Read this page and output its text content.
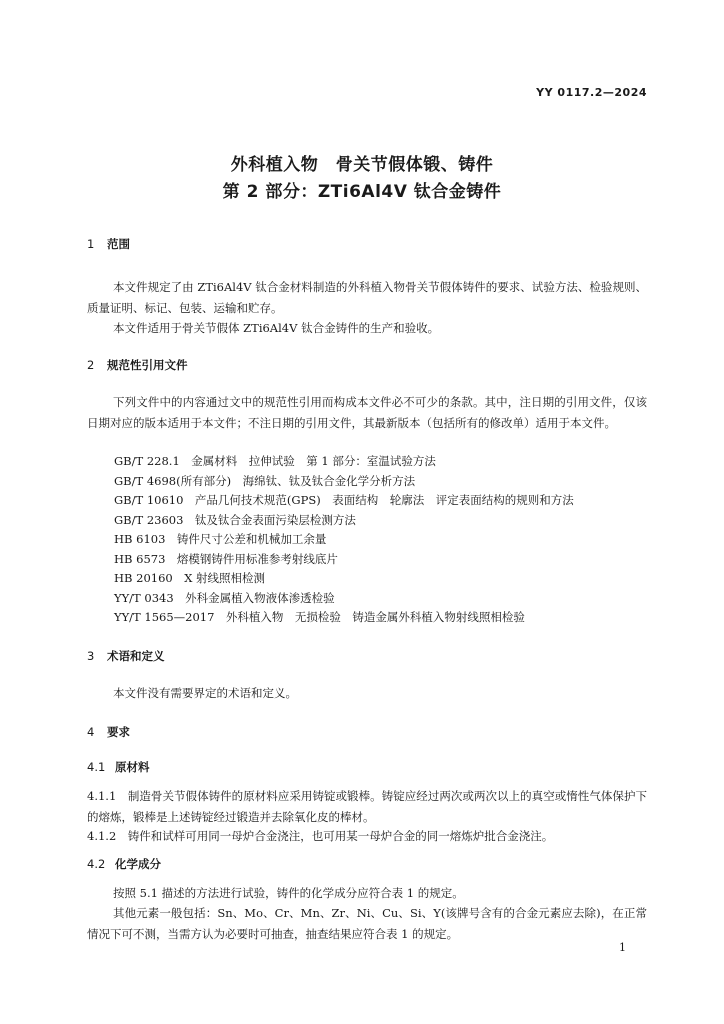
YY 0117.2—2024
外科植入物　骨关节假体锻、铸件
第 2 部分：ZTi6Al4V 钛合金铸件
1 范围
本文件规定了由 ZTi6Al4V 钛合金材料制造的外科植入物骨关节假体铸件的要求、试验方法、检验规则、质量证明、标记、包装、运输和贮存。
本文件适用于骨关节假体 ZTi6Al4V 钛合金铸件的生产和验收。
2 规范性引用文件
下列文件中的内容通过文中的规范性引用而构成本文件必不可少的条款。其中，注日期的引用文件，仅该日期对应的版本适用于本文件；不注日期的引用文件，其最新版本（包括所有的修改单）适用于本文件。
GB/T 228.1　金属材料　拉伸试验　第 1 部分：室温试验方法
GB/T 4698(所有部分)　海绵钛、钛及钛合金化学分析方法
GB/T 10610　产品几何技术规范(GPS)　表面结构　轮廓法　评定表面结构的规则和方法
GB/T 23603　钛及钛合金表面污染层检测方法
HB 6103　铸件尺寸公差和机械加工余量
HB 6573　熔模钢铸件用标准参考射线底片
HB 20160　X 射线照相检测
YY/T 0343　外科金属植入物液体渗透检验
YY/T 1565—2017　外科植入物　无损检验　铸造金属外科植入物射线照相检验
3 术语和定义
本文件没有需要界定的术语和定义。
4 要求
4.1 原材料
4.1.1　 制造骨关节假体铸件的原材料应采用铸锭或锻棒。铸锭应经过两次或两次以上的真空或惰性气体保护下的熔炼，锻棒是上述铸锭经过锻造并去除氧化皮的棒材。
4.1.2　 铸件和试样可用同一母炉合金浇注，也可用某一母炉合金的同一熔炼炉批合金浇注。
4.2 化学成分
按照 5.1 描述的方法进行试验，铸件的化学成分应符合表 1 的规定。
其他元素一般包括：Sn、Mo、Cr、Mn、Zr、Ni、Cu、Si、Y(该牌号含有的合金元素应去除)，在正常情况下可不测，当需方认为必要时可抽查，抽查结果应符合表 1 的规定。
1
